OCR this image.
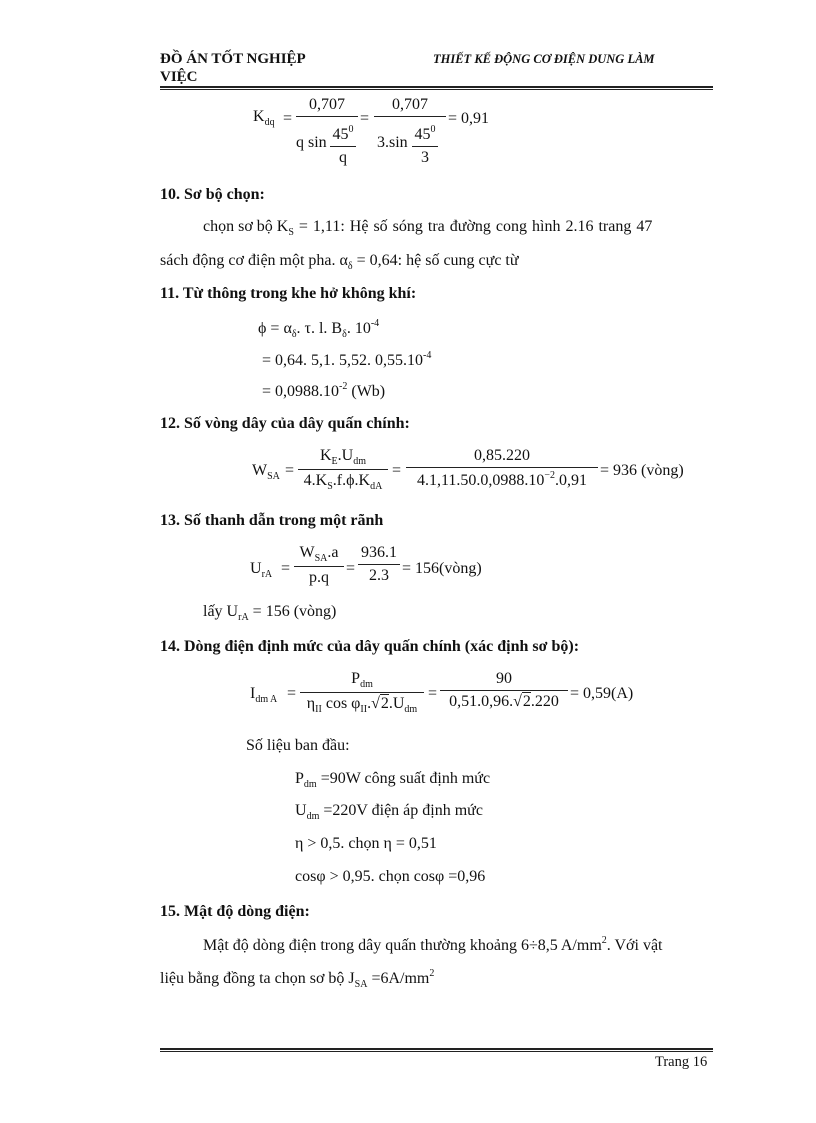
ĐỒ ÁN TỐT NGHIỆP
VIỆC
THIẾT KẾ ĐỘNG CƠ ĐIỆN DUNG LÀM
$K_{dq}$ =
0,707
q $\sin 45^0$
q
=
0,707
3.sin $45^0$
3
= 0,91
10. Sơ bộ chọn:
chọn sơ bộ $K_S = 1,11$: Hệ số sóng tra đường cong hình 2.16 trang 47
sách động cơ điện một pha. $\alpha_\delta = 0,64$: hệ số cung cực từ
11. Từ thông trong khe hở không khí:
$\phi = \alpha_\delta$. τ. l. $B_\delta$. $10^{-4}$
= 0,64. 5,1. 5,52. $0,55.10^{-4}$
= $0,0988.10^{-2}$ (Wb)
12. Số vòng dây của dây quấn chính:
$W_{SA}$ =
$K_E.U_{dm}$
$4.K_S.f.\phi.K_{dA}$
=
0,85.220
$4.1,11.50.0,0988.10^{-2}.0,91$
= 936 (vòng)
13. Số thanh dẫn trong một rãnh
$U_{rA}$ =
$W_{SA}.a$
p.q
=
936.1
2.3 = 156(vòng)
lấy $U_{rA} = 156$ (vòng)
14. Dòng điện định mức của dây quấn chính (xác định sơ bộ):
$I_{dm A}$ =
$P_{dm}$
$\eta_{II}$ $\cos \varphi_{II}.√2.U_{dm}$
=
90
0,51.0,96.√2.220 = 0,59(A)
Số liệu ban đầu:
$P_{dm} =90W$ công suất định mức
$U_{dm} =220V$ điện áp định mức
η > 0,5. chọn η = 0,51
cosφ > 0,95. chọn cosφ =0,96
15. Mật độ dòng điện:
Mật độ dòng điện trong dây quấn thường khoảng 6÷8,5 $A/mm^2$. Với vật
liệu bằng đồng ta chọn sơ bộ $J_{SA} =6A/mm^2$
Trang 16
